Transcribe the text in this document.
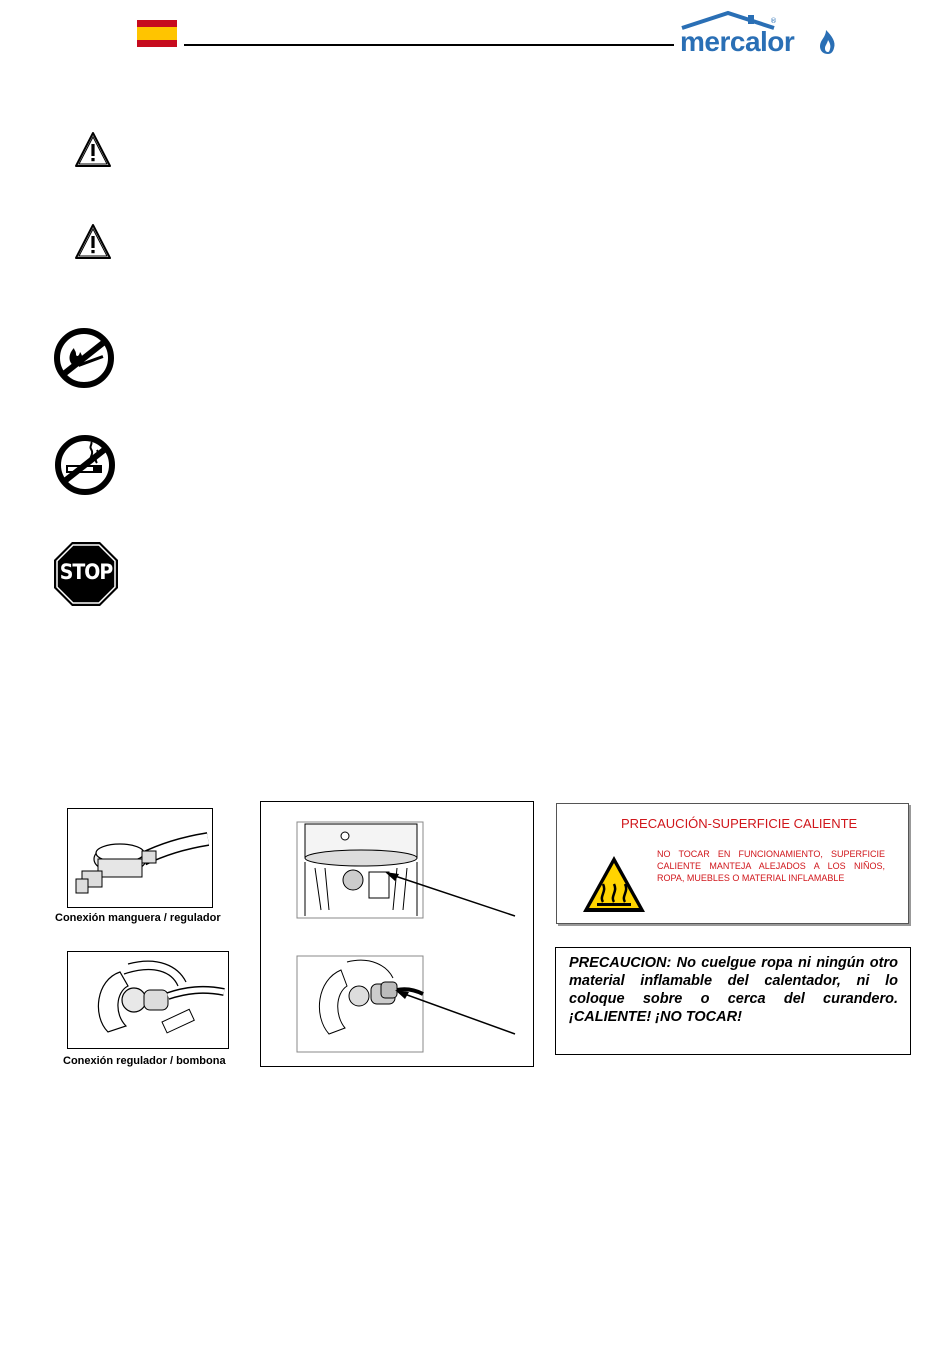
®
mercalor
STOP
Conexión manguera / regulador
Conexión regulador / bombona
PRECAUCIÓN-SUPERFICIE CALIENTE
NO TOCAR EN FUNCIONAMIENTO, SUPERFICIE CALIENTE MANTEJA ALEJADOS A LOS NIÑOS, ROPA, MUEBLES O MATERIAL INFLAMABLE

PRECAUCION: No cuelgue ropa ni ningún otro material inflamable del calentador, ni lo coloque sobre o cerca del curandero. ¡CALIENTE! ¡NO TOCAR!
